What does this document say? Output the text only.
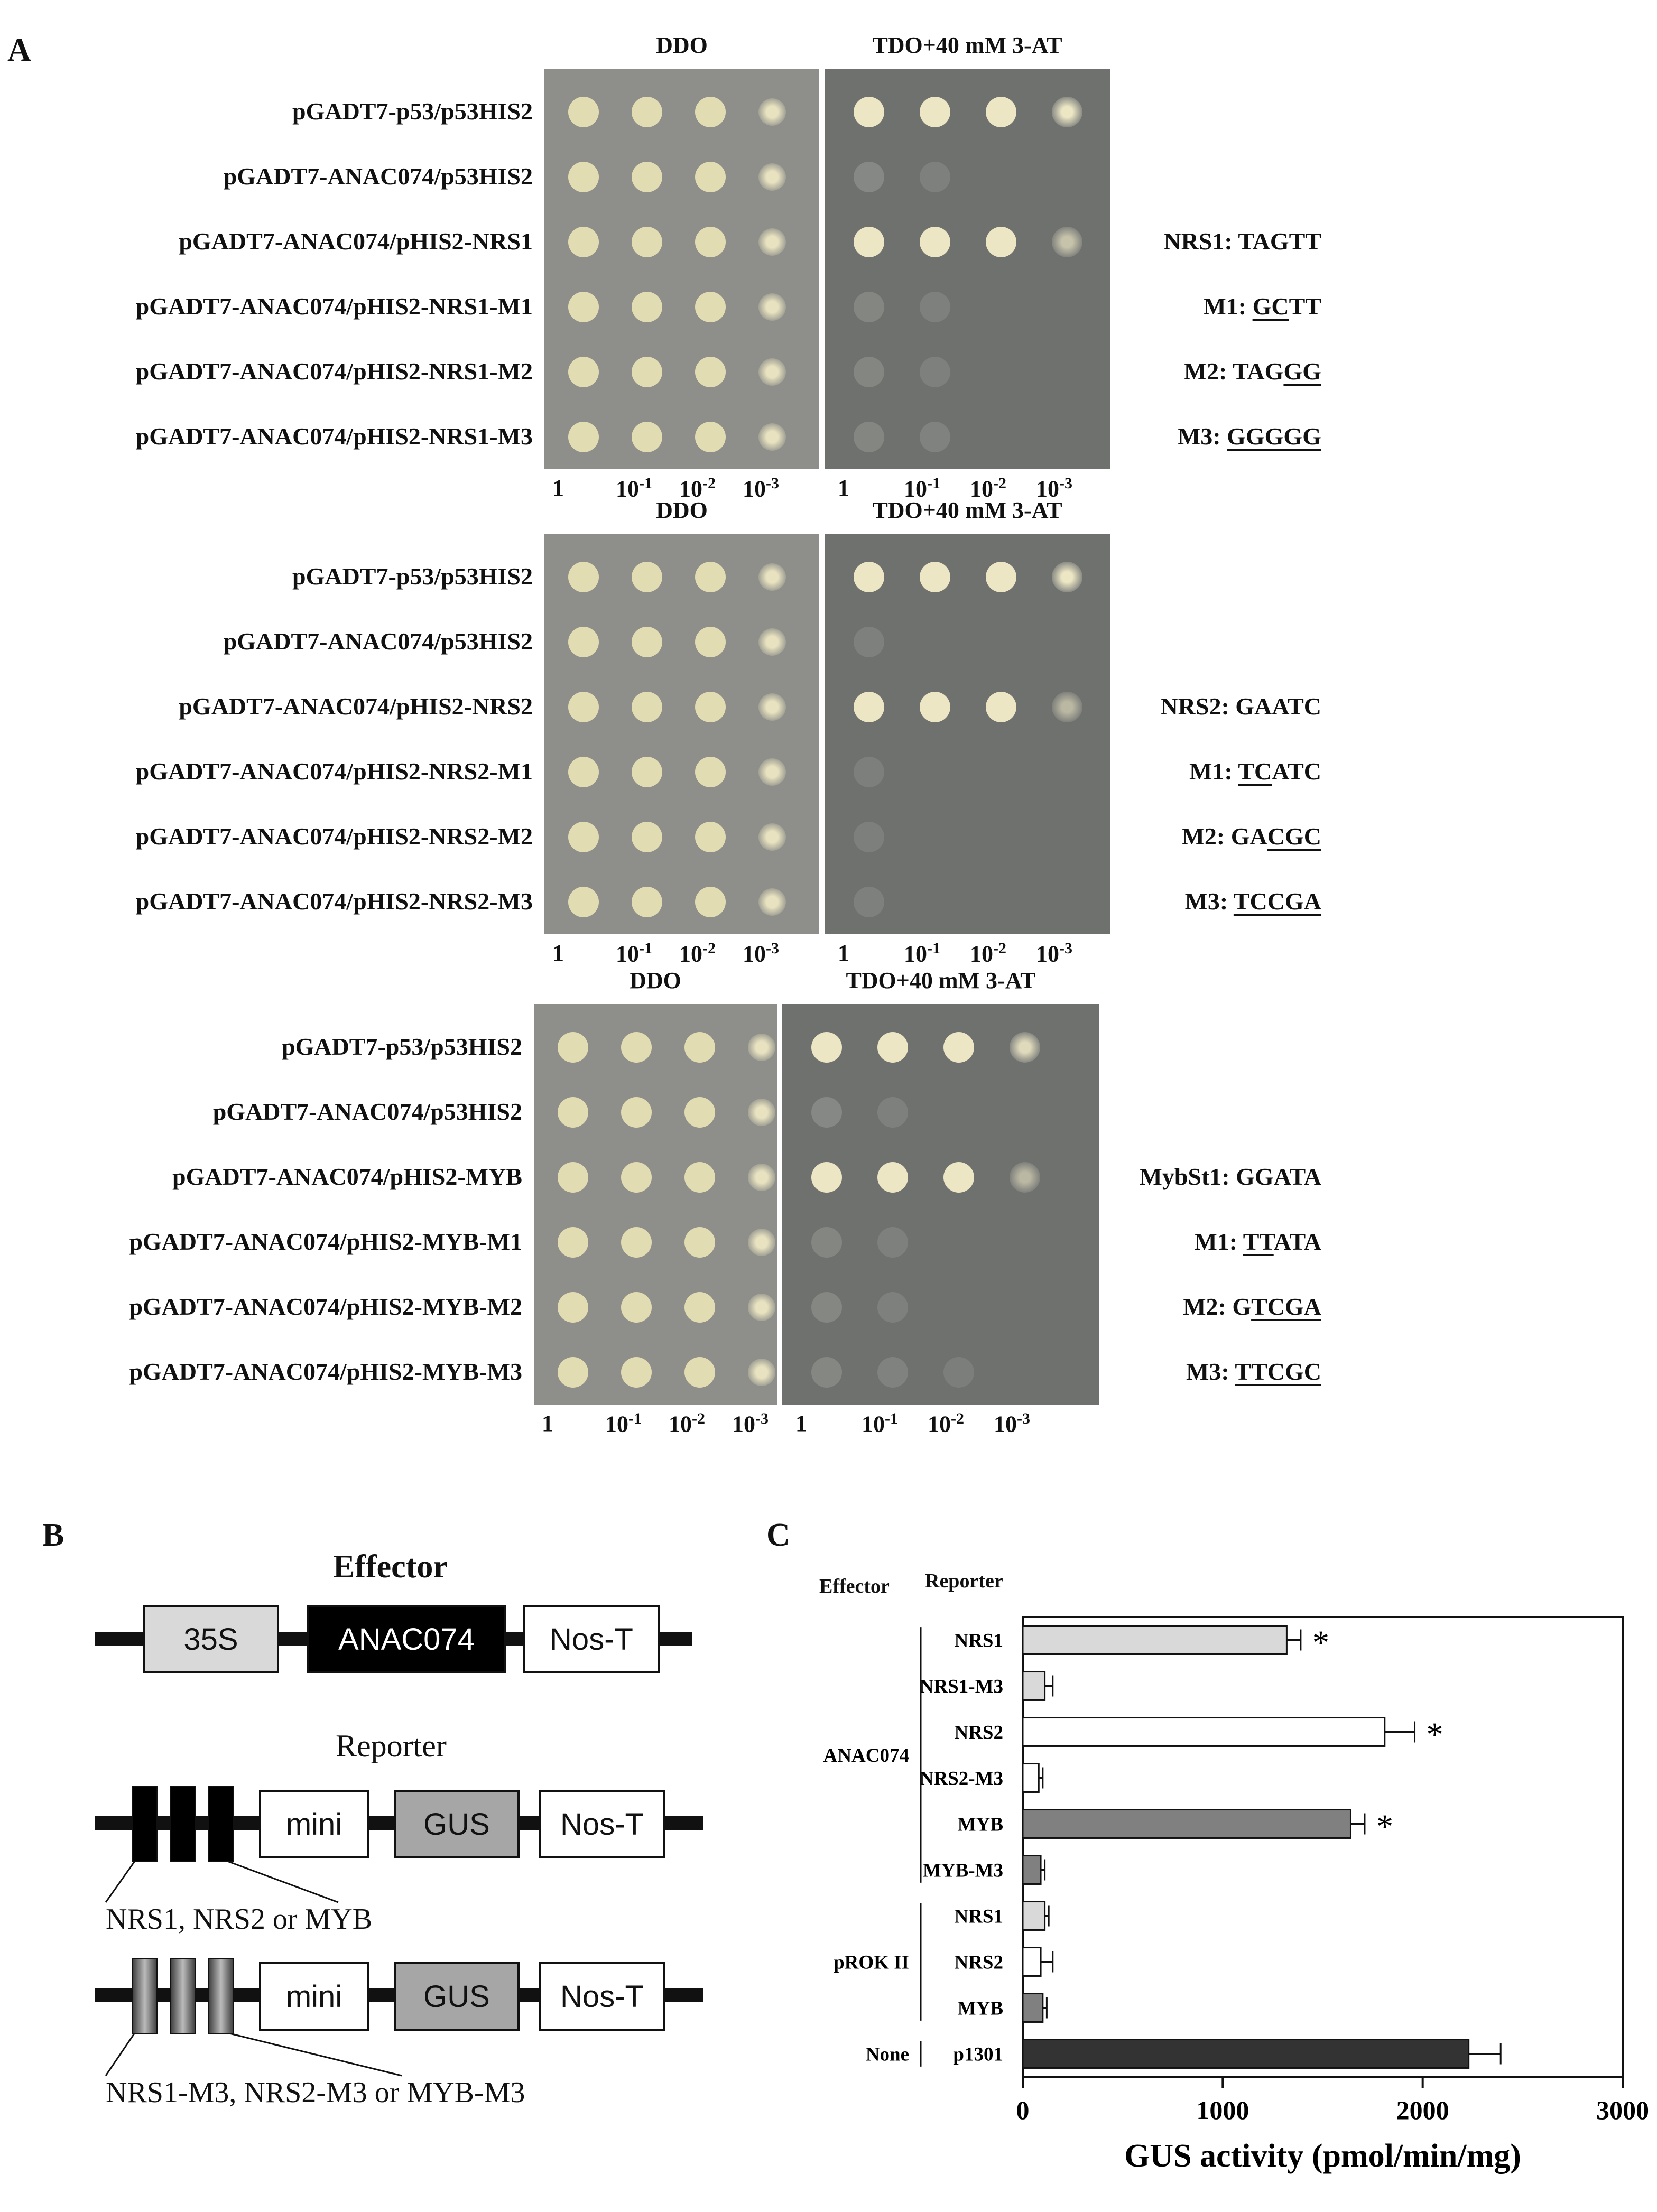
A	DDO	TDO+40 mM 3-AT
pGADT7-p53/p53HIS2
pGADT7-ANAC074/p53HIS2
pGADT7-ANAC074/pHIS2-NRS1	NRS1: TAGTT
pGADT7-ANAC074/pHIS2-NRS1-M1	M1: GCTT
pGADT7-ANAC074/pHIS2-NRS1-M2	M2: TAGGG
pGADT7-ANAC074/pHIS2-NRS1-M3	M3: GGGGG
1	$10^{-1}$	$10^{-2}$	$10^{-3}$	1	$10^{-1}$	$10^{-2}$	$10^{-3}$
DDO	TDO+40 mM 3-AT
pGADT7-p53/p53HIS2
pGADT7-ANAC074/p53HIS2
pGADT7-ANAC074/pHIS2-NRS2	NRS2: GAATC
pGADT7-ANAC074/pHIS2-NRS2-M1	M1: TCATC
pGADT7-ANAC074/pHIS2-NRS2-M2	M2: GACGC
pGADT7-ANAC074/pHIS2-NRS2-M3	M3: TCCGA
1	$10^{-1}$	$10^{-2}$	$10^{-3}$	1	$10^{-1}$	$10^{-2}$	$10^{-3}$
DDO	TDO+40 mM 3-AT
pGADT7-p53/p53HIS2
pGADT7-ANAC074/p53HIS2
pGADT7-ANAC074/pHIS2-MYB	MybSt1: GGATA
pGADT7-ANAC074/pHIS2-MYB-M1	M1: TTATA
pGADT7-ANAC074/pHIS2-MYB-M2	M2: GTCGA
pGADT7-ANAC074/pHIS2-MYB-M3	M3: TTCGC
1	$10^{-1}$	$10^{-2}$	$10^{-3}$	1	$10^{-1}$	$10^{-2}$	$10^{-3}$
B
Effector
35S	ANAC074	Nos-T
Reporter
mini	GUS	Nos-T
NRS1, NRS2 or MYB
mini	GUS	Nos-T
NRS1-M3, NRS2-M3 or MYB-M3
C
Effector Reporter
NRS1	*
NRS1-M3
NRS2	*
NRS2-M3
MYB	*
MYB-M3
NRS1
NRS2
MYB
p1301
ANAC074
pROK II
None
0	1000	2000	3000
GUS activity (pmol/min/mg)
